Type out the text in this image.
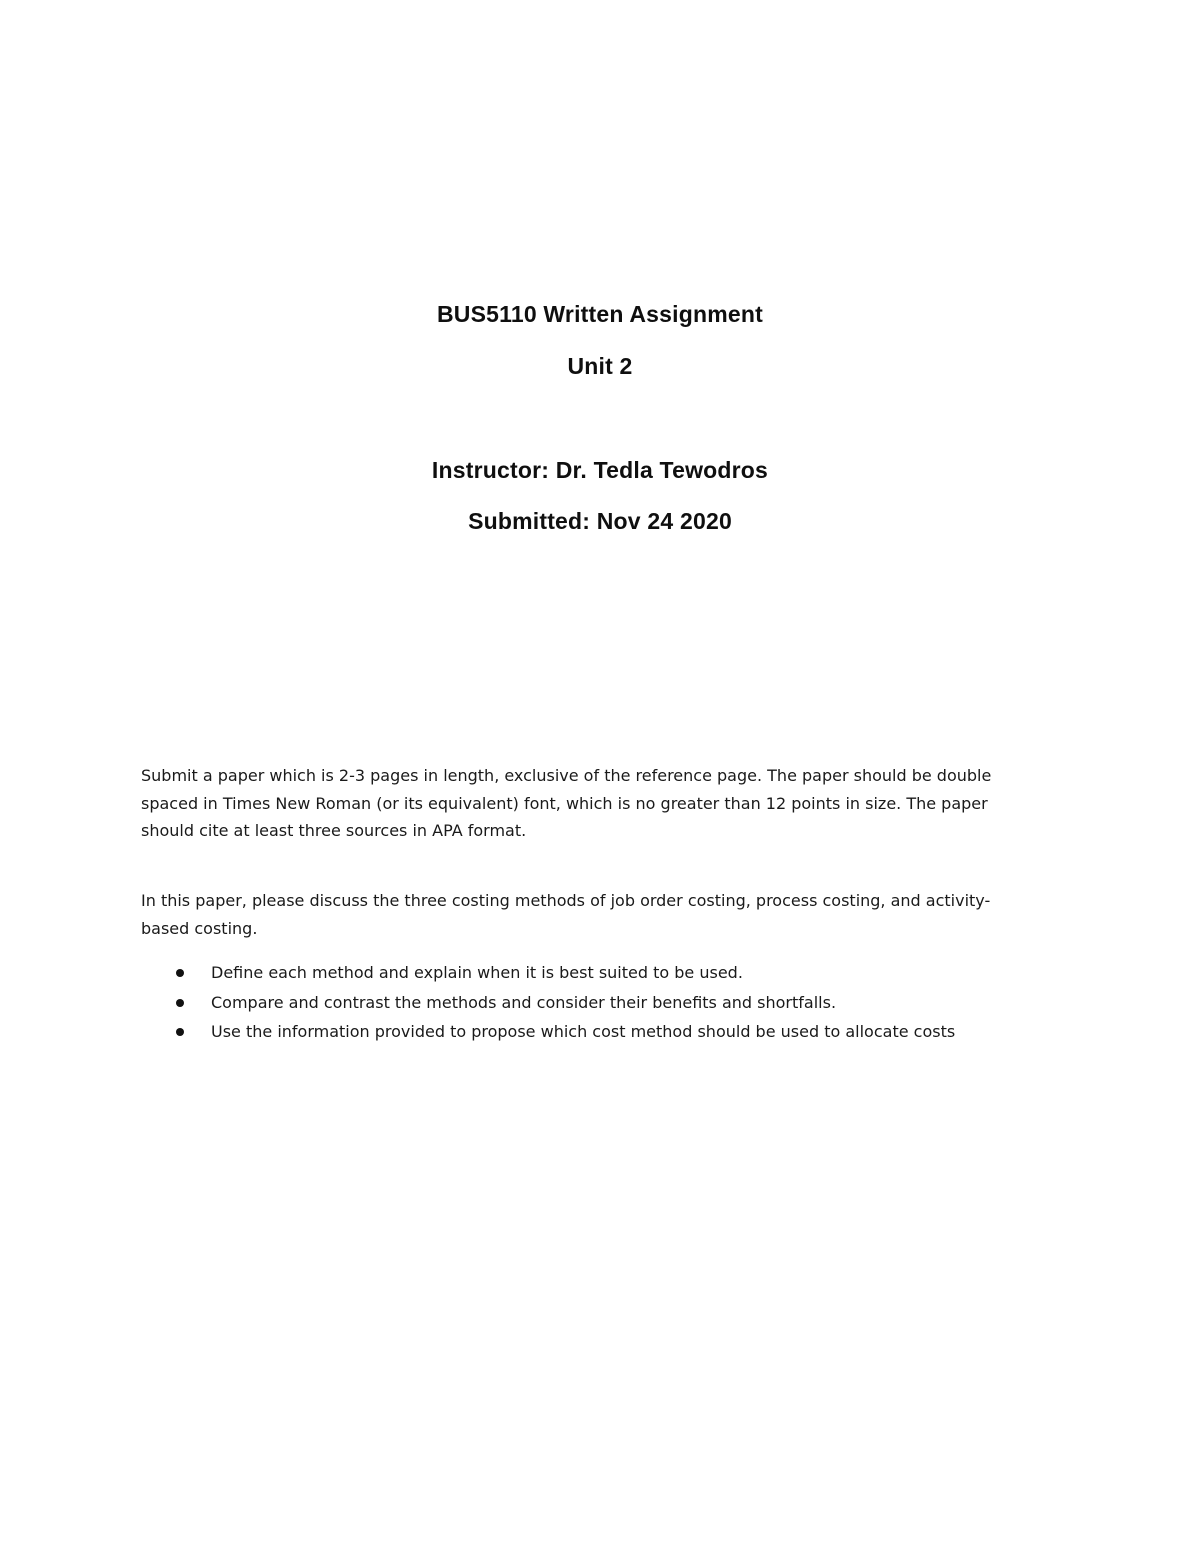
BUS5110 Written Assignment
Unit 2
Instructor: Dr. Tedla Tewodros
Submitted: Nov 24 2020
Submit a paper which is 2-3 pages in length, exclusive of the reference page. The paper should be double
spaced in Times New Roman (or its equivalent) font, which is no greater than 12 points in size. The paper
should cite at least three sources in APA format.
In this paper, please discuss the three costing methods of job order costing, process costing, and activity-
based costing.
Define each method and explain when it is best suited to be used.
Compare and contrast the methods and consider their benefits and shortfalls.
Use the information provided to propose which cost method should be used to allocate costs
